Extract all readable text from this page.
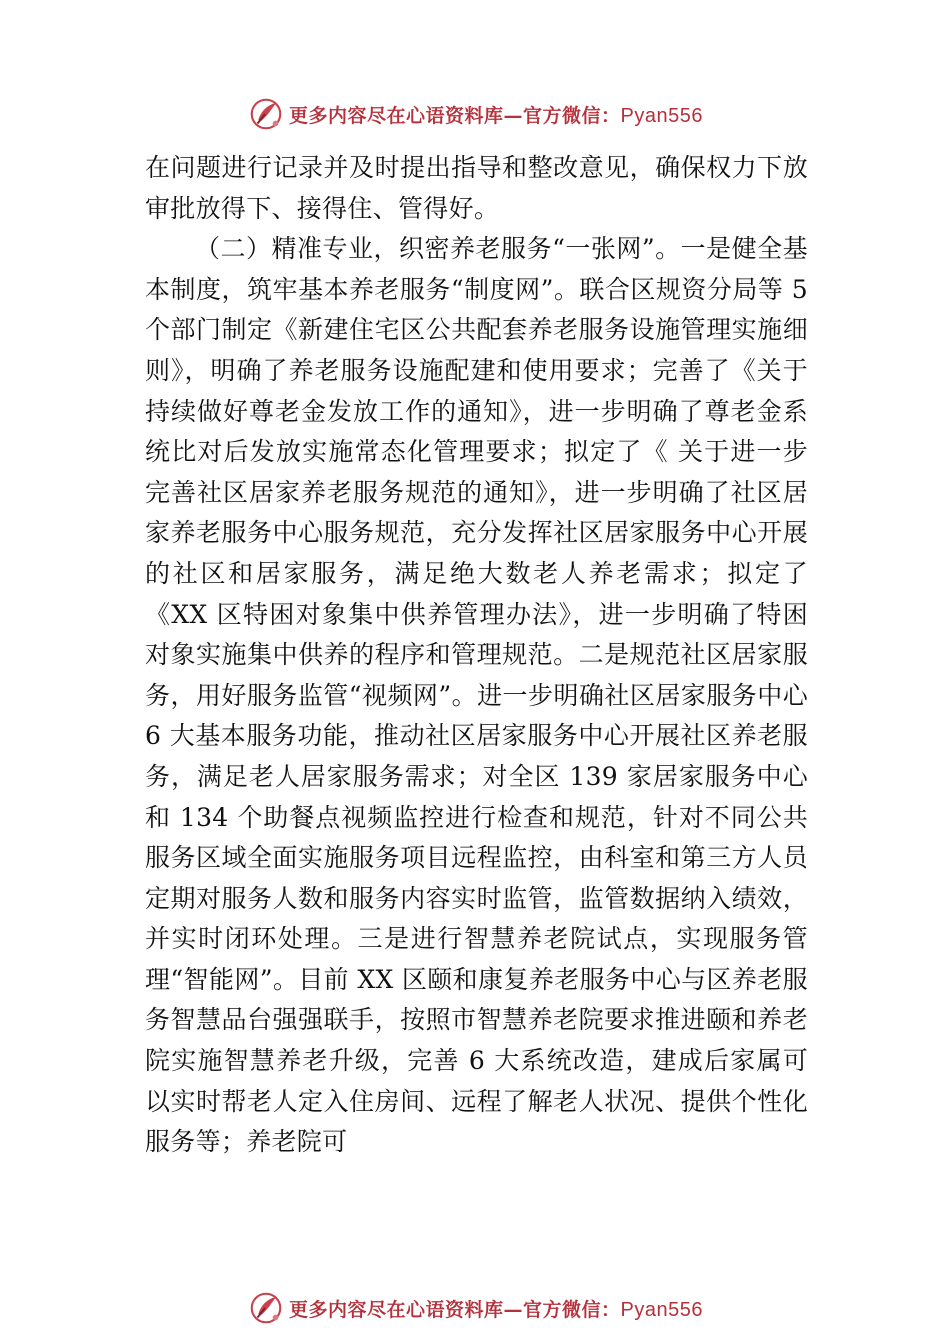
更多内容尽在心语资料库—官方微信：Pyan556

在问题进行记录并及时提出指导和整改意见，确保权力下放审批放得下、接得住、管得好。

（二）精准专业，织密养老服务“一张网”。一是健全基本制度，筑牢基本养老服务“制度网”。联合区规资分局等 5 个部门制定《新建住宅区公共配套养老服务设施管理实施细则》，明确了养老服务设施配建和使用要求；完善了《关于持续做好尊老金发放工作的通知》，进一步明确了尊老金系统比对后发放实施常态化管理要求；拟定了《 关于进一步完善社区居家养老服务规范的通知》，进一步明确了社区居家养老服务中心服务规范，充分发挥社区居家服务中心开展的社区和居家服务，满足绝大数老人养老需求；拟定了《XX 区特困对象集中供养管理办法》，进一步明确了特困对象实施集中供养的程序和管理规范。二是规范社区居家服务，用好服务监管“视频网”。进一步明确社区居家服务中心 6 大基本服务功能，推动社区居家服务中心开展社区养老服务，满足老人居家服务需求；对全区 139 家居家服务中心和 134 个助餐点视频监控进行检查和规范，针对不同公共服务区域全面实施服务项目远程监控，由科室和第三方人员定期对服务人数和服务内容实时监管，监管数据纳入绩效，并实时闭环处理。三是进行智慧养老院试点，实现服务管理“智能网”。目前 XX 区颐和康复养老服务中心与区养老服务智慧品台强强联手，按照市智慧养老院要求推进颐和养老院实施智慧养老升级，完善 6 大系统改造，建成后家属可以实时帮老人定入住房间、远程了解老人状况、提供个性化服务等；养老院可

更多内容尽在心语资料库—官方微信：Pyan556
